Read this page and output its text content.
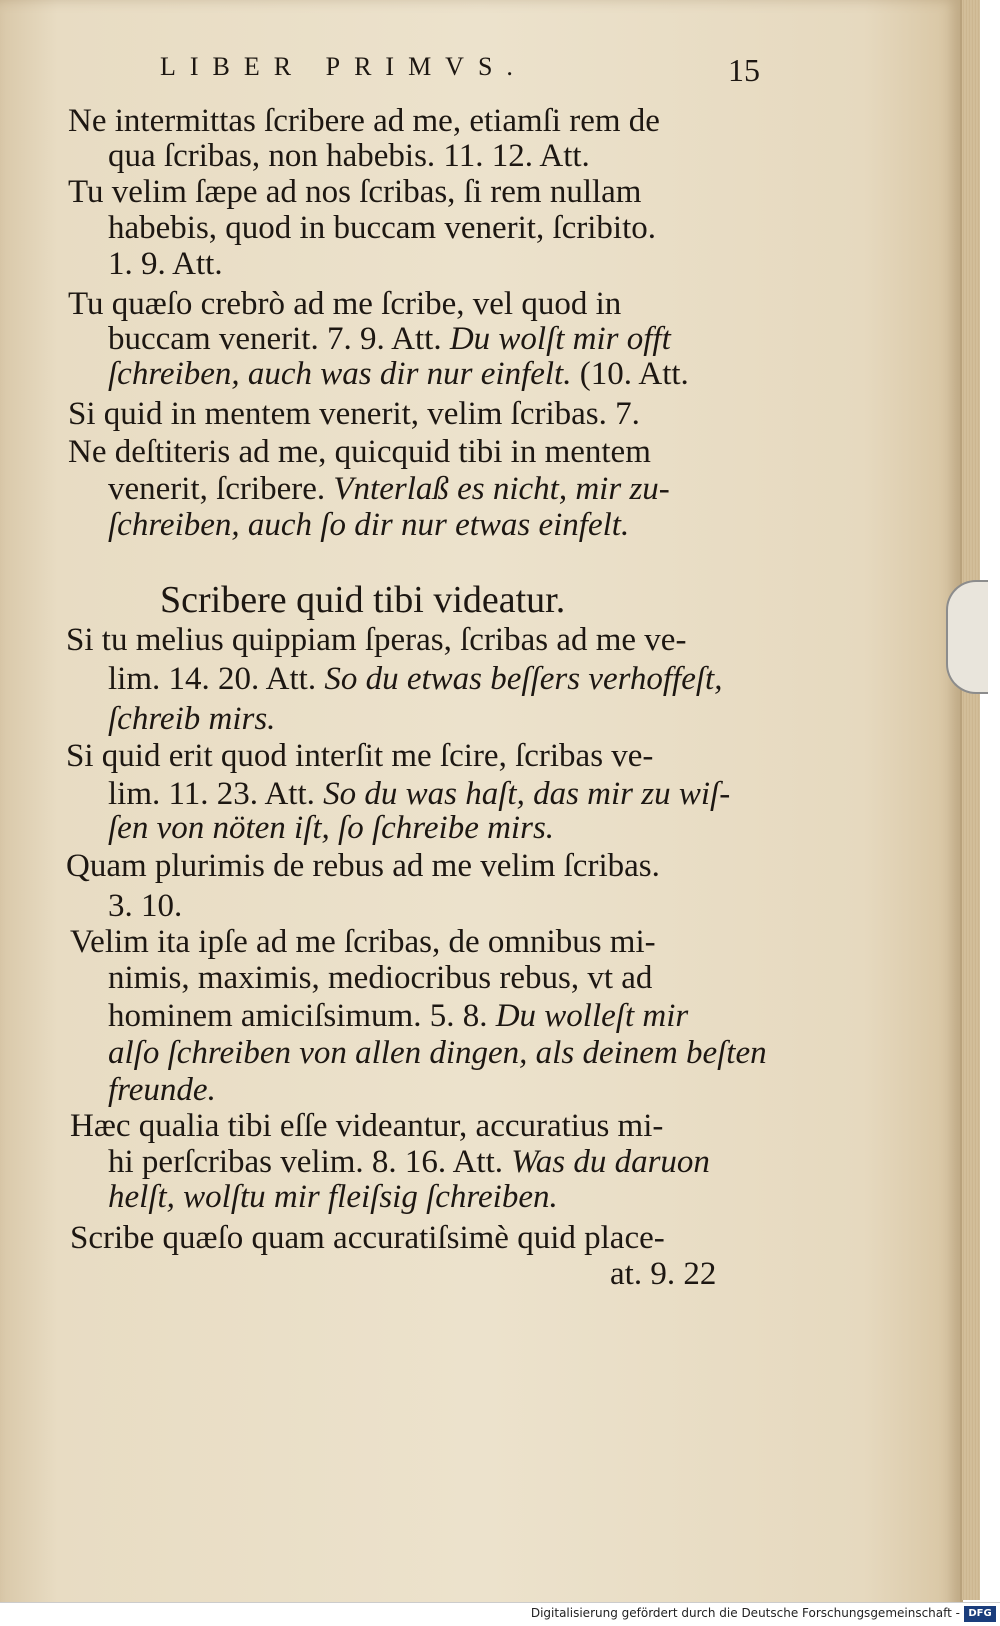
LIBER PRIMVS.	15
Ne intermittas ſcribere ad me, etiamſi rem de
qua ſcribas, non habebis. 11. 12. Att.
Tu velim ſæpe ad nos ſcribas, ſi rem nullam
habebis, quod in buccam venerit, ſcribito.
1. 9. Att.
Tu quæſo crebrò ad me ſcribe, vel quod in
buccam venerit. 7. 9. Att. Du wolſt mir offt
ſchreiben, auch was dir nur einfelt. (10. Att.
Si quid in mentem venerit, velim ſcribas. 7.
Ne deſtiteris ad me, quicquid tibi in mentem
venerit, ſcribere. Vnterlaß es nicht, mir zu-
ſchreiben, auch ſo dir nur etwas einfelt.
Scribere quid tibi videatur.
Si tu melius quippiam ſperas, ſcribas ad me ve-
lim. 14. 20. Att. So du etwas beſſers verhoffeſt,
ſchreib mirs.
Si quid erit quod interſit me ſcire, ſcribas ve-
lim. 11. 23. Att. So du was haſt, das mir zu wiſ-
ſen von nöten iſt, ſo ſchreibe mirs.
Quam plurimis de rebus ad me velim ſcribas.
3. 10.
Velim ita ipſe ad me ſcribas, de omnibus mi-
nimis, maximis, mediocribus rebus, vt ad
hominem amiciſsimum. 5. 8. Du wolleſt mir
alſo ſchreiben von allen dingen, als deinem beſten
freunde.
Hæc qualia tibi eſſe videantur, accuratius mi-
hi perſcribas velim. 8. 16. Att. Was du daruon
helſt, wolſtu mir fleiſsig ſchreiben.
Scribe quæſo quam accuratiſsimè quid place-
at. 9. 22
Digitalisierung gefördert durch die Deutsche Forschungsgemeinschaft - DFG
